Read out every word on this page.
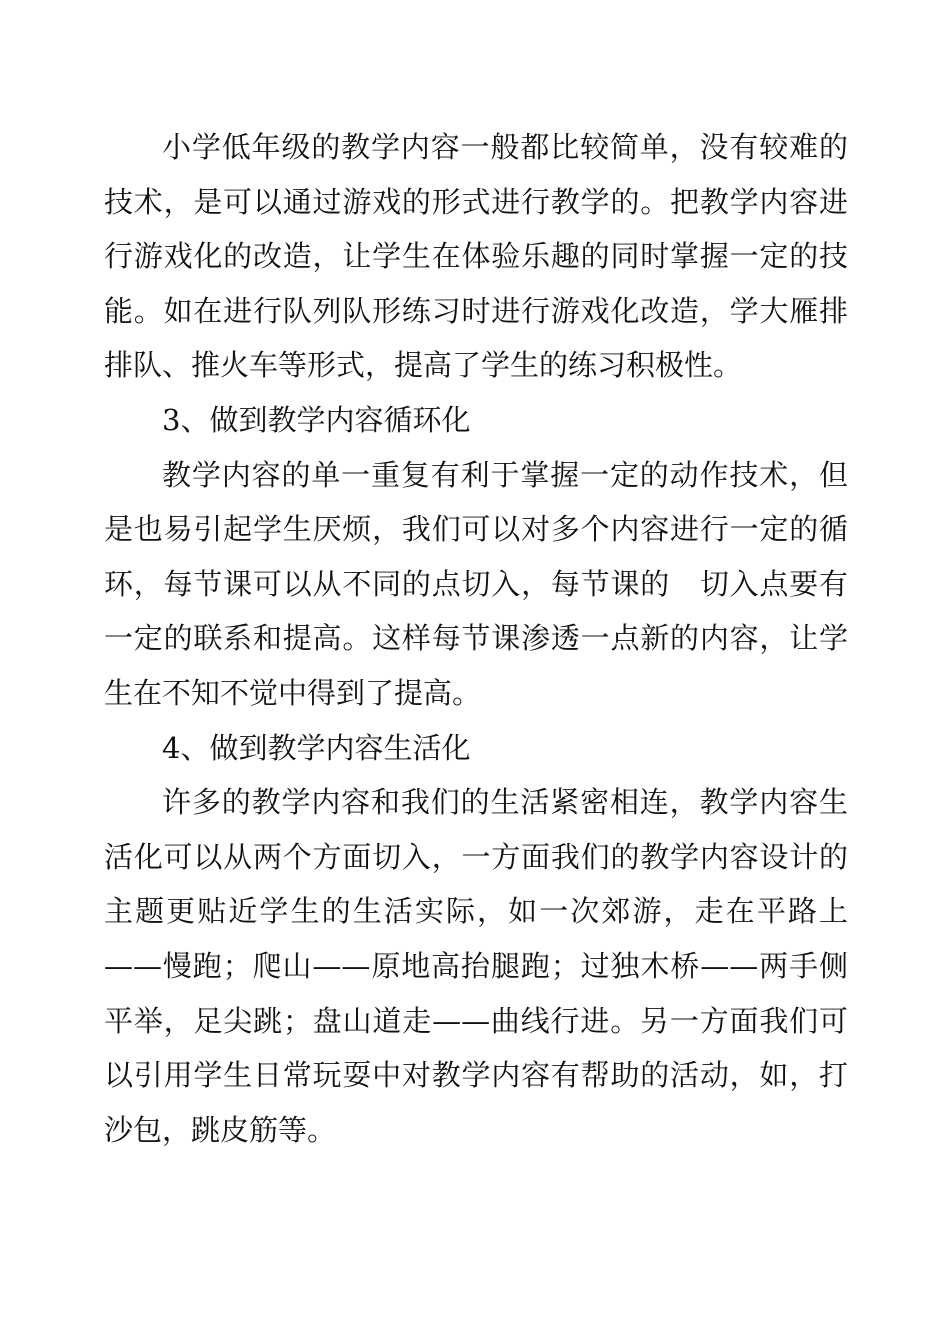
小学低年级的教学内容一般都比较简单，没有较难的技术，是可以通过游戏的形式进行教学的。把教学内容进行游戏化的改造，让学生在体验乐趣的同时掌握一定的技能。如在进行队列队形练习时进行游戏化改造，学大雁排排队、推火车等形式，提高了学生的练习积极性。

3、做到教学内容循环化

教学内容的单一重复有利于掌握一定的动作技术，但是也易引起学生厌烦，我们可以对多个内容进行一定的循环，每节课可以从不同的点切入，每节课的　切入点要有一定的联系和提高。这样每节课渗透一点新的内容，让学生在不知不觉中得到了提高。

4、做到教学内容生活化

许多的教学内容和我们的生活紧密相连，教学内容生活化可以从两个方面切入，一方面我们的教学内容设计的主题更贴近学生的生活实际，如一次郊游，走在平路上——慢跑；爬山——原地高抬腿跑；过独木桥——两手侧平举，足尖跳；盘山道走——曲线行进。另一方面我们可以引用学生日常玩耍中对教学内容有帮助的活动，如，打沙包，跳皮筋等。
